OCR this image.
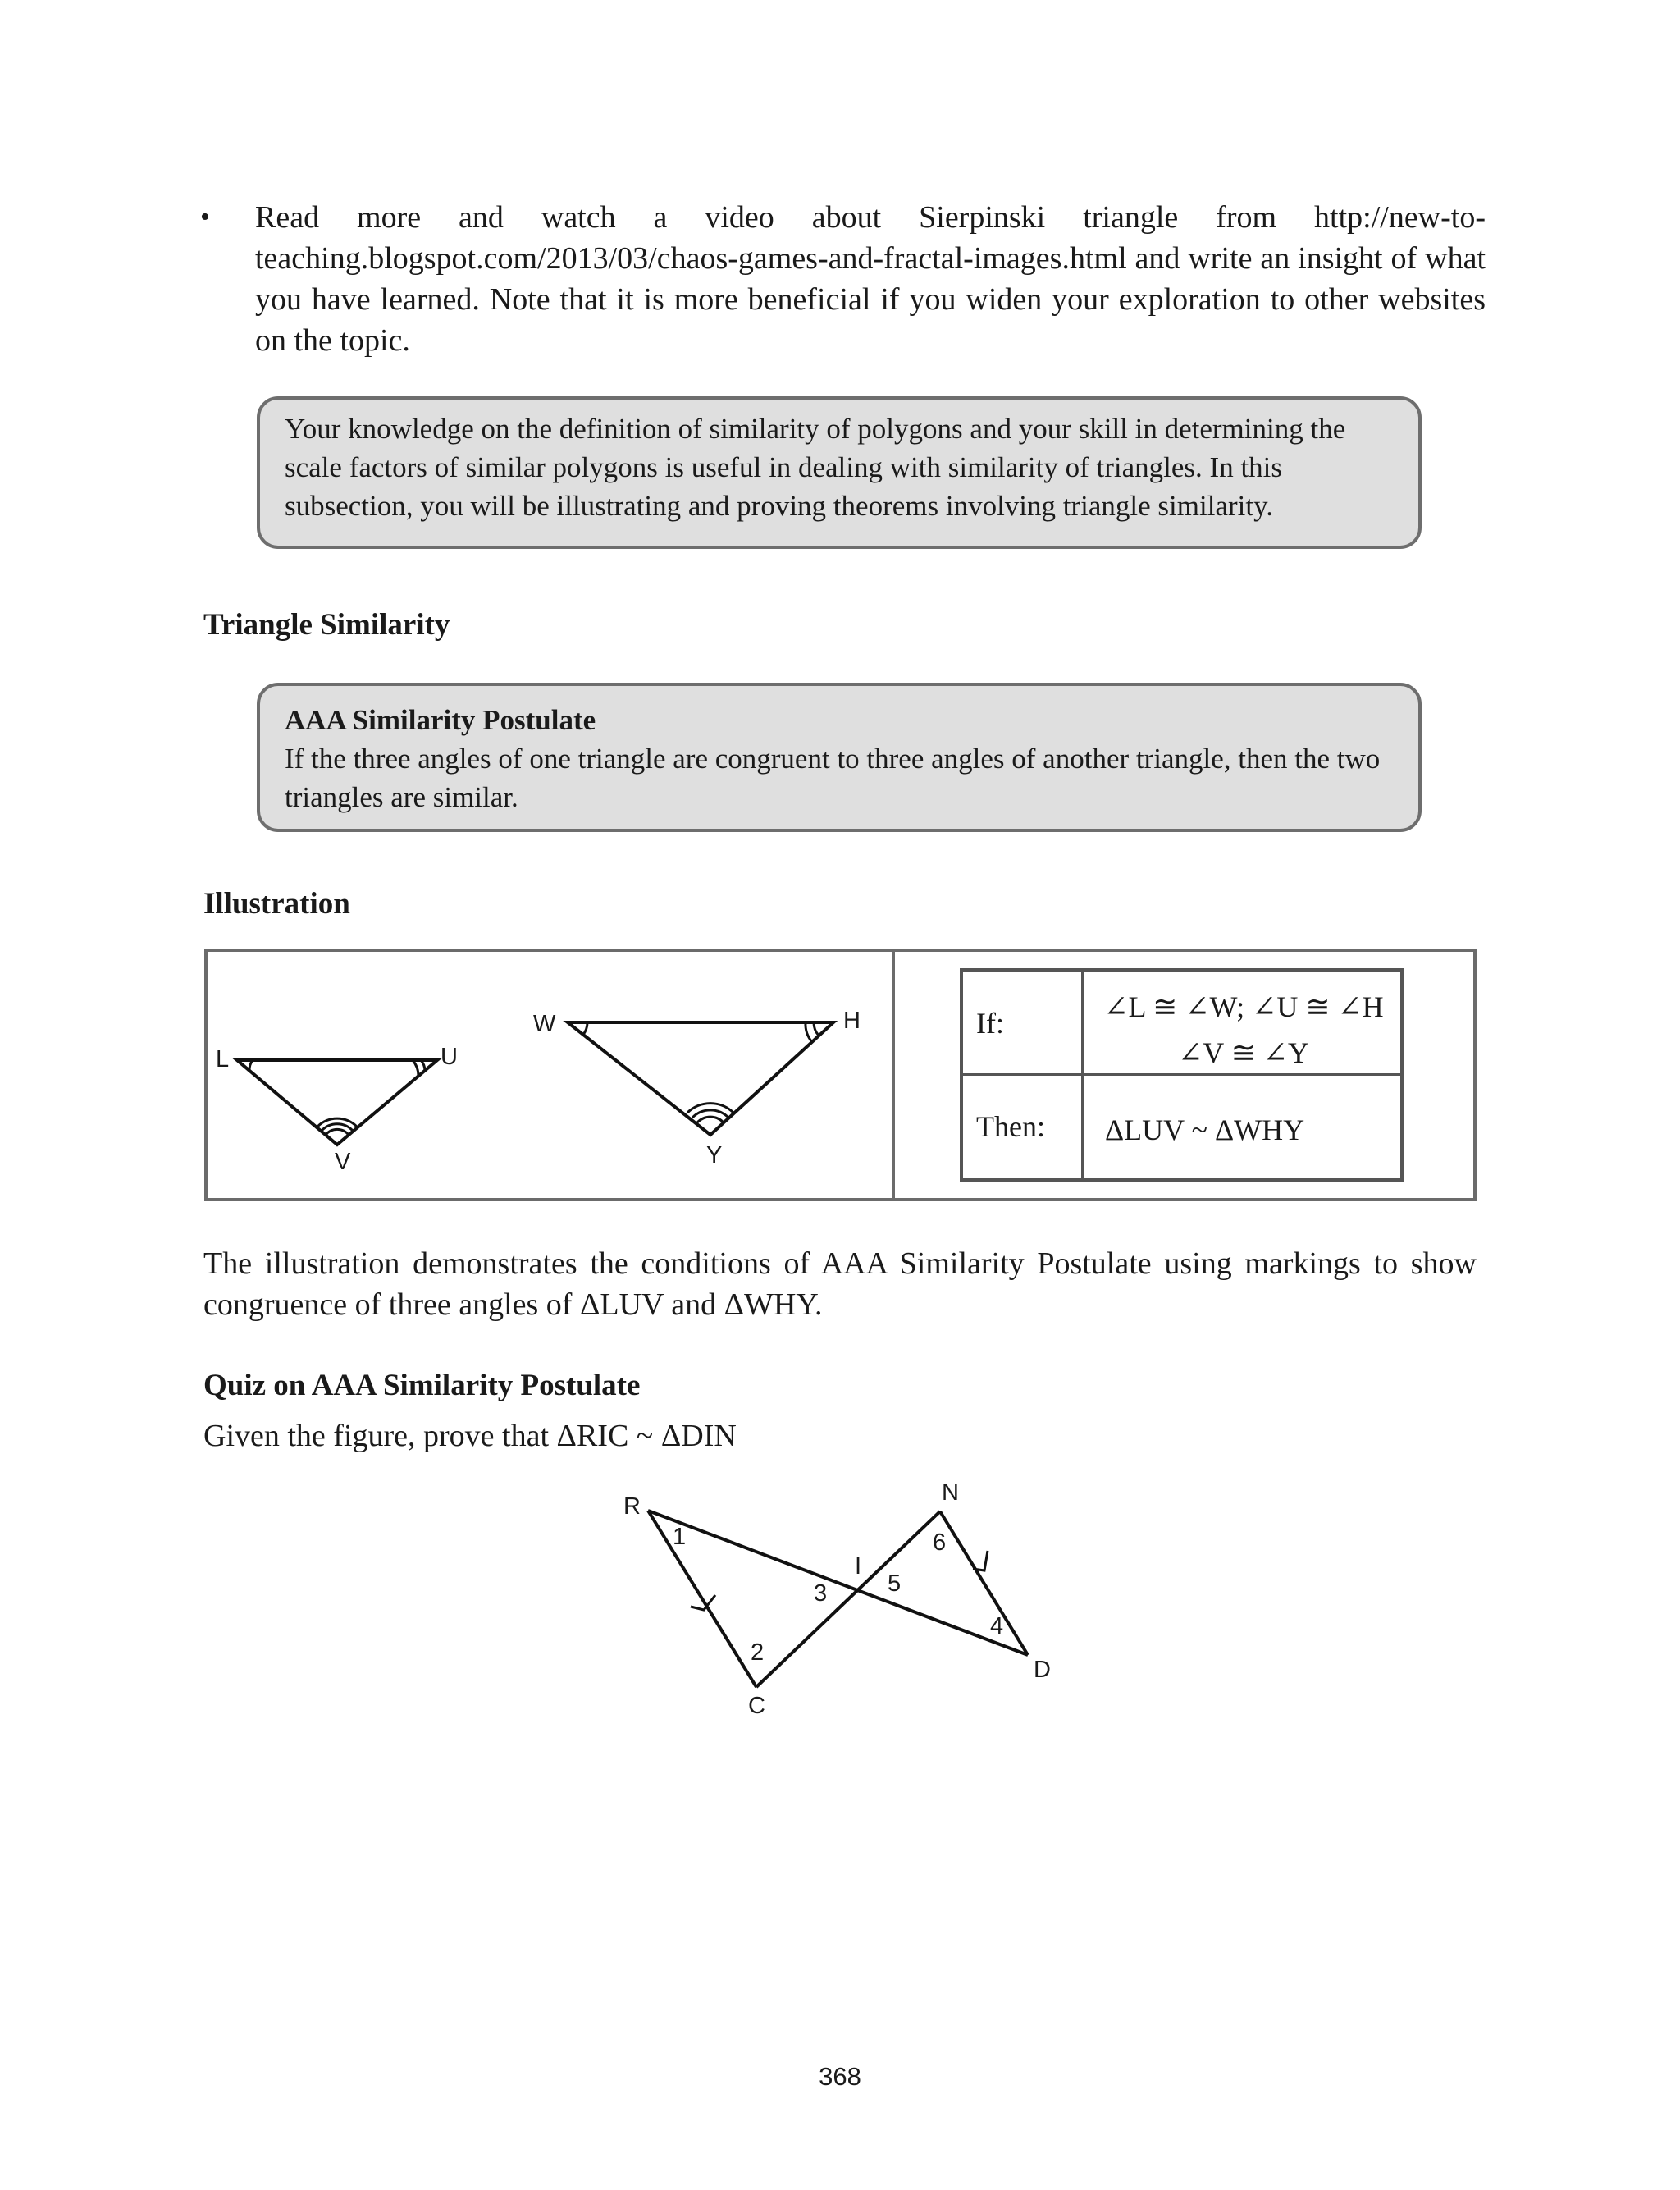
• Read more and watch a video about Sierpinski triangle from http://new-to-teaching.blogspot.com/2013/03/chaos-games-and-fractal-images.html and write an insight of what you have learned. Note that it is more beneficial if you widen your exploration to other websites on the topic.
Your knowledge on the definition of similarity of polygons and your skill in determining the scale factors of similar polygons is useful in dealing with similarity of triangles. In this subsection, you will be illustrating and proving theorems involving triangle similarity.
Triangle Similarity
AAA Similarity Postulate
If the three angles of one triangle are congruent to three angles of another triangle, then the two triangles are similar.
Illustration
L	U
V
W	H
Y
If:	∠L ≅ ∠W; ∠U ≅ ∠H
∠V ≅ ∠Y
Then: ΔLUV ~ ΔWHY
The illustration demonstrates the conditions of AAA Similarity Postulate using markings to show congruence of three angles of ΔLUV and ΔWHY.
Quiz on AAA Similarity Postulate
Given the figure, prove that ΔRIC ~ ΔDIN
R
C
I
N
D
1
2
3
4
5
6
368
